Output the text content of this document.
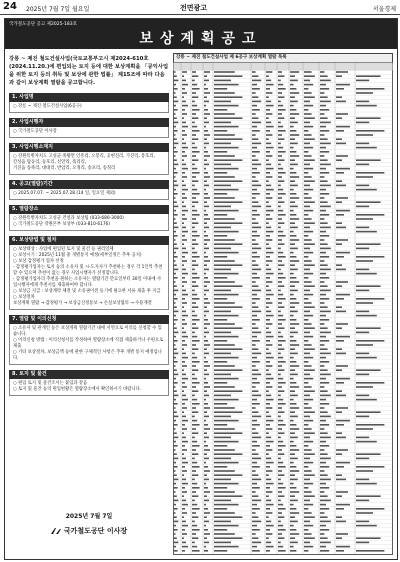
24 2025년 7월 7일 월요일	전면광고	서울경제
국가철도공단 공고 제2025-183호
보상계획공고
강릉 ~ 제진 철도건설사업(국토교통부고시 제2024-610호 (2024.11.20.)에 편입되는 토지 등에 대한 보상계획을 「공익사업을 위한 토지 등의 취득 및 보상에 관한 법률」 제15조에 따라 다음과 같이 보상계획 열람을 공고합니다.
1. 사업명

○ 강릉 ~ 제진 철도건설사업(6공구)

2. 사업시행자

○ 국가철도공단 이사장

3. 사업시행소재지

○ 강원특별자치도 고성군 죽왕면 인흥리, 오봉리, 공현진리, 가진리, 봉호리,

간성읍 탑동리, 동호리, 신안리, 흘리리,

거진읍 송죽리, 대대리, 반암리, 오정리, 송포리, 송정리

4. 공고(열람)기간

○ 2025.07.07. ~ 2025.07.28.(14 일, 일요일 제외)

5. 열람장소

○ 강원특별자치도 고성군 건설과 보상팀 (033-680-3000)

○ 국가철도공단 강원본부 보상부 (033-810-6176)

6. 보상방법 및 절차

○ 보상대상 : 사업에 편입된 토지 및 물건 등 권리일체

○ 보상시기 : 2025년 11월 중 개별통지 예정(세부일정은 추후 공지)

○ 보상 감정평가 업자 선정

- 감정평가업자는 토지 등의 소유자 및 시·도지사가 추천하는 경우 각 1인씩 추천할 수 있으며 추천이 없는 경우 사업시행자가 선정합니다.

- 감정평가업자의 추천을 원하는 소유자는 열람기간 만료일부터 30일 이내에 사업시행자에게 추천서를 제출하여야 합니다.

○ 보상금 지급 : 보상계약 체결 및 소유권이전 등기에 필요한 서류 제출 후 지급

○ 보상절차

보상계획 열람 → 감정평가 → 보상금산정통보 → 손실보상협의 → 수용재결

7. 열람 및 이의신청

○ 소유자 및 관계인 등은 보상계획 열람기간 내에 서면으로 이의를 신청할 수 있습니다.

○ 이의신청 방법 : 이의신청서를 작성하여 열람장소에 직접 제출하거나 우편으로 제출

○ 기타 보상절차, 보상금액 등에 관한 구체적인 사항은 추후 개별 통지 예정입니다.

8. 토지 및 물건

○ 편입 토지 및 물건조서는 붙임과 같음

○ 토지 및 물건 등의 편입현황은 열람장소에서 확인하시기 바랍니다.

2025년 7월 7일
국가철도공단 이사장
강릉 ~ 제진 철도건설사업 제 6공구 보상계획 열람 목록
